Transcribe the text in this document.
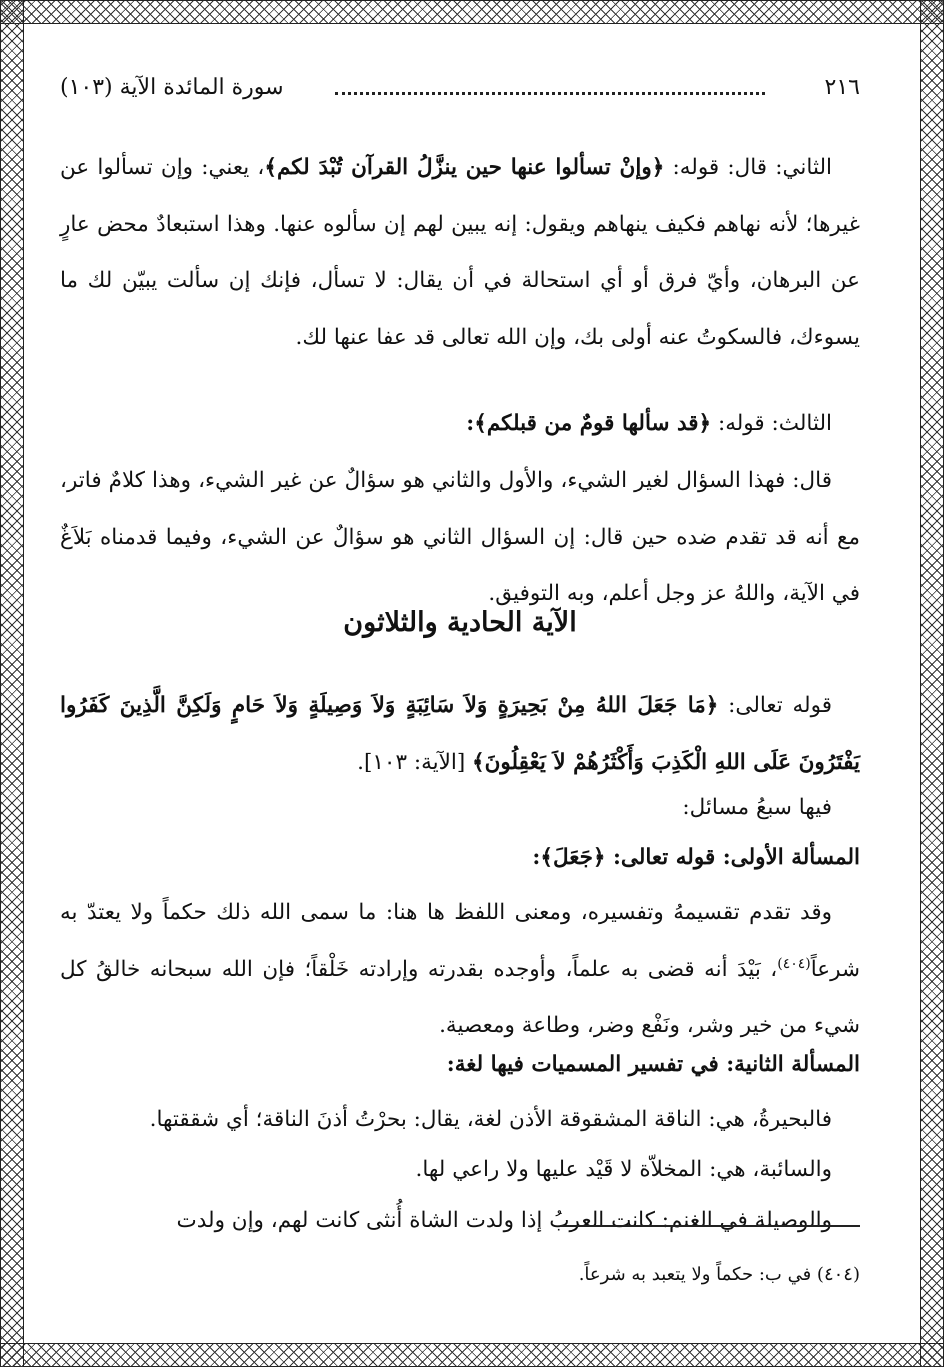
٢١٦
سورة المائدة الآية (١٠٣)
الثاني: قال: قوله: ﴿وإنْ تسألوا عنها حين ينزَّلُ القرآن تُبْدَ لكم﴾، يعني: وإن تسألوا عن غيرها؛ لأنه نهاهم فكيف ينهاهم ويقول: إنه يبين لهم إن سألوه عنها. وهذا استبعادٌ محض عارٍ عن البرهان، وأيّ فرق أو أي استحالة في أن يقال: لا تسأل، فإنك إن سألت يبيّن لك ما يسوءك، فالسكوتُ عنه أولى بك، وإن الله تعالى قد عفا عنها لك.
الثالث: قوله: ﴿قد سألها قومٌ من قبلكم﴾:
قال: فهذا السؤال لغير الشيء، والأول والثاني هو سؤالٌ عن غير الشيء، وهذا كلامٌ فاتر، مع أنه قد تقدم ضده حين قال: إن السؤال الثاني هو سؤالٌ عن الشيء، وفيما قدمناه بَلاَغٌ في الآية، واللهُ عز وجل أعلم، وبه التوفيق.
الآية الحادية والثلاثون
قوله تعالى: ﴿مَا جَعَلَ اللهُ مِنْ بَحِيرَةٍ وَلاَ سَائِبَةٍ وَلاَ وَصِيلَةٍ وَلاَ حَامٍ وَلَكِنَّ الَّذِينَ كَفَرُوا يَفْتَرُونَ عَلَى اللهِ الْكَذِبَ وَأَكْثَرُهُمْ لاَ يَعْقِلُونَ﴾ [الآية: ١٠٣].
فيها سبعُ مسائل:
المسألة الأولى: قوله تعالى: ﴿جَعَلَ﴾:
وقد تقدم تقسيمهُ وتفسيره، ومعنى اللفظ ها هنا: ما سمى الله ذلك حكماً ولا يعتدّ به شرعاً$^{(٤٠٤)}$، بَيْدَ أنه قضى به علماً، وأوجده بقدرته وإرادته خَلْقاً؛ فإن الله سبحانه خالقُ كل شيء من خير وشر، ونَفْع وضر، وطاعة ومعصية.
المسألة الثانية: في تفسير المسميات فيها لغة:
فالبحيرةُ، هي: الناقة المشقوقة الأذن لغة، يقال: بحرْتُ أذنَ الناقة؛ أي شققتها.
والسائبة، هي: المخلاّة لا قَيْد عليها ولا راعي لها.
والوصيلة في الغنم: كانت العربُ إذا ولدت الشاة أُنثى كانت لهم، وإن ولدت
(٤٠٤) في ب: حكماً ولا يتعبد به شرعاً.
